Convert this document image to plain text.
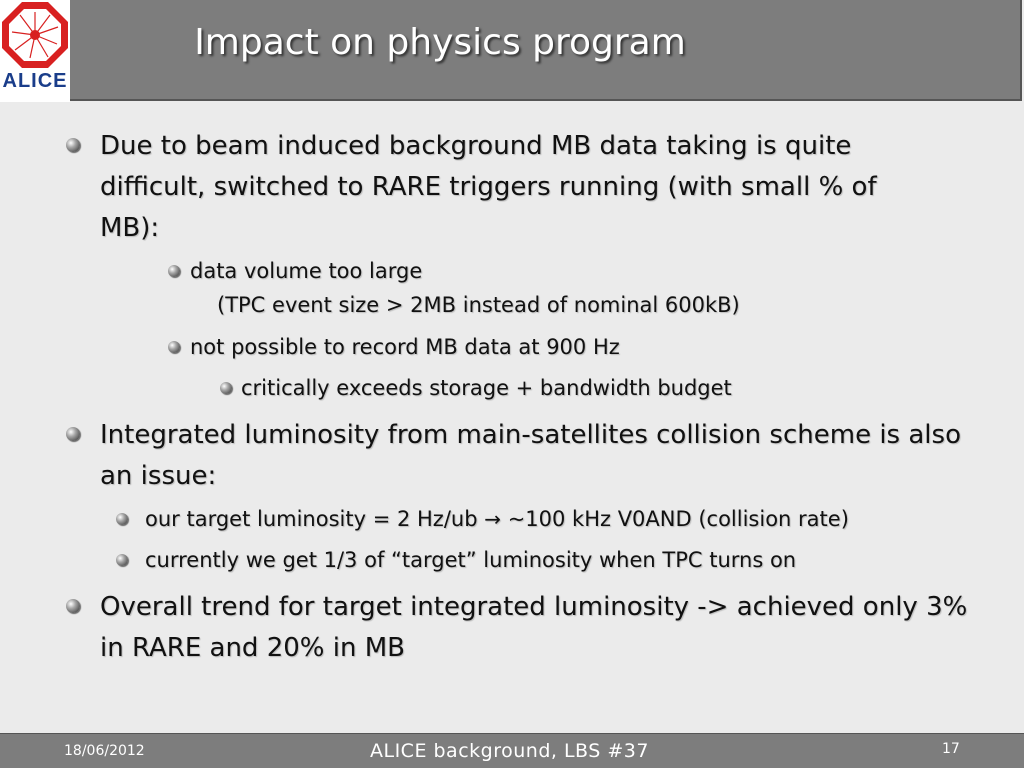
ALICE
Impact on physics program
Due to beam induced background MB data taking is quite difficult, switched to RARE triggers running (with small % of MB):
data volume too large
(TPC event size > 2MB instead of nominal 600kB)
not possible to record MB data at 900 Hz
critically exceeds storage + bandwidth budget
Integrated luminosity from main-satellites collision scheme is also an issue:
our target luminosity = 2 Hz/ub → ~100 kHz V0AND (collision rate)
currently we get 1/3 of “target” luminosity when TPC turns on
Overall trend for target integrated luminosity -> achieved only 3% in RARE and 20% in MB
18/06/2012	ALICE background, LBS #37	17
